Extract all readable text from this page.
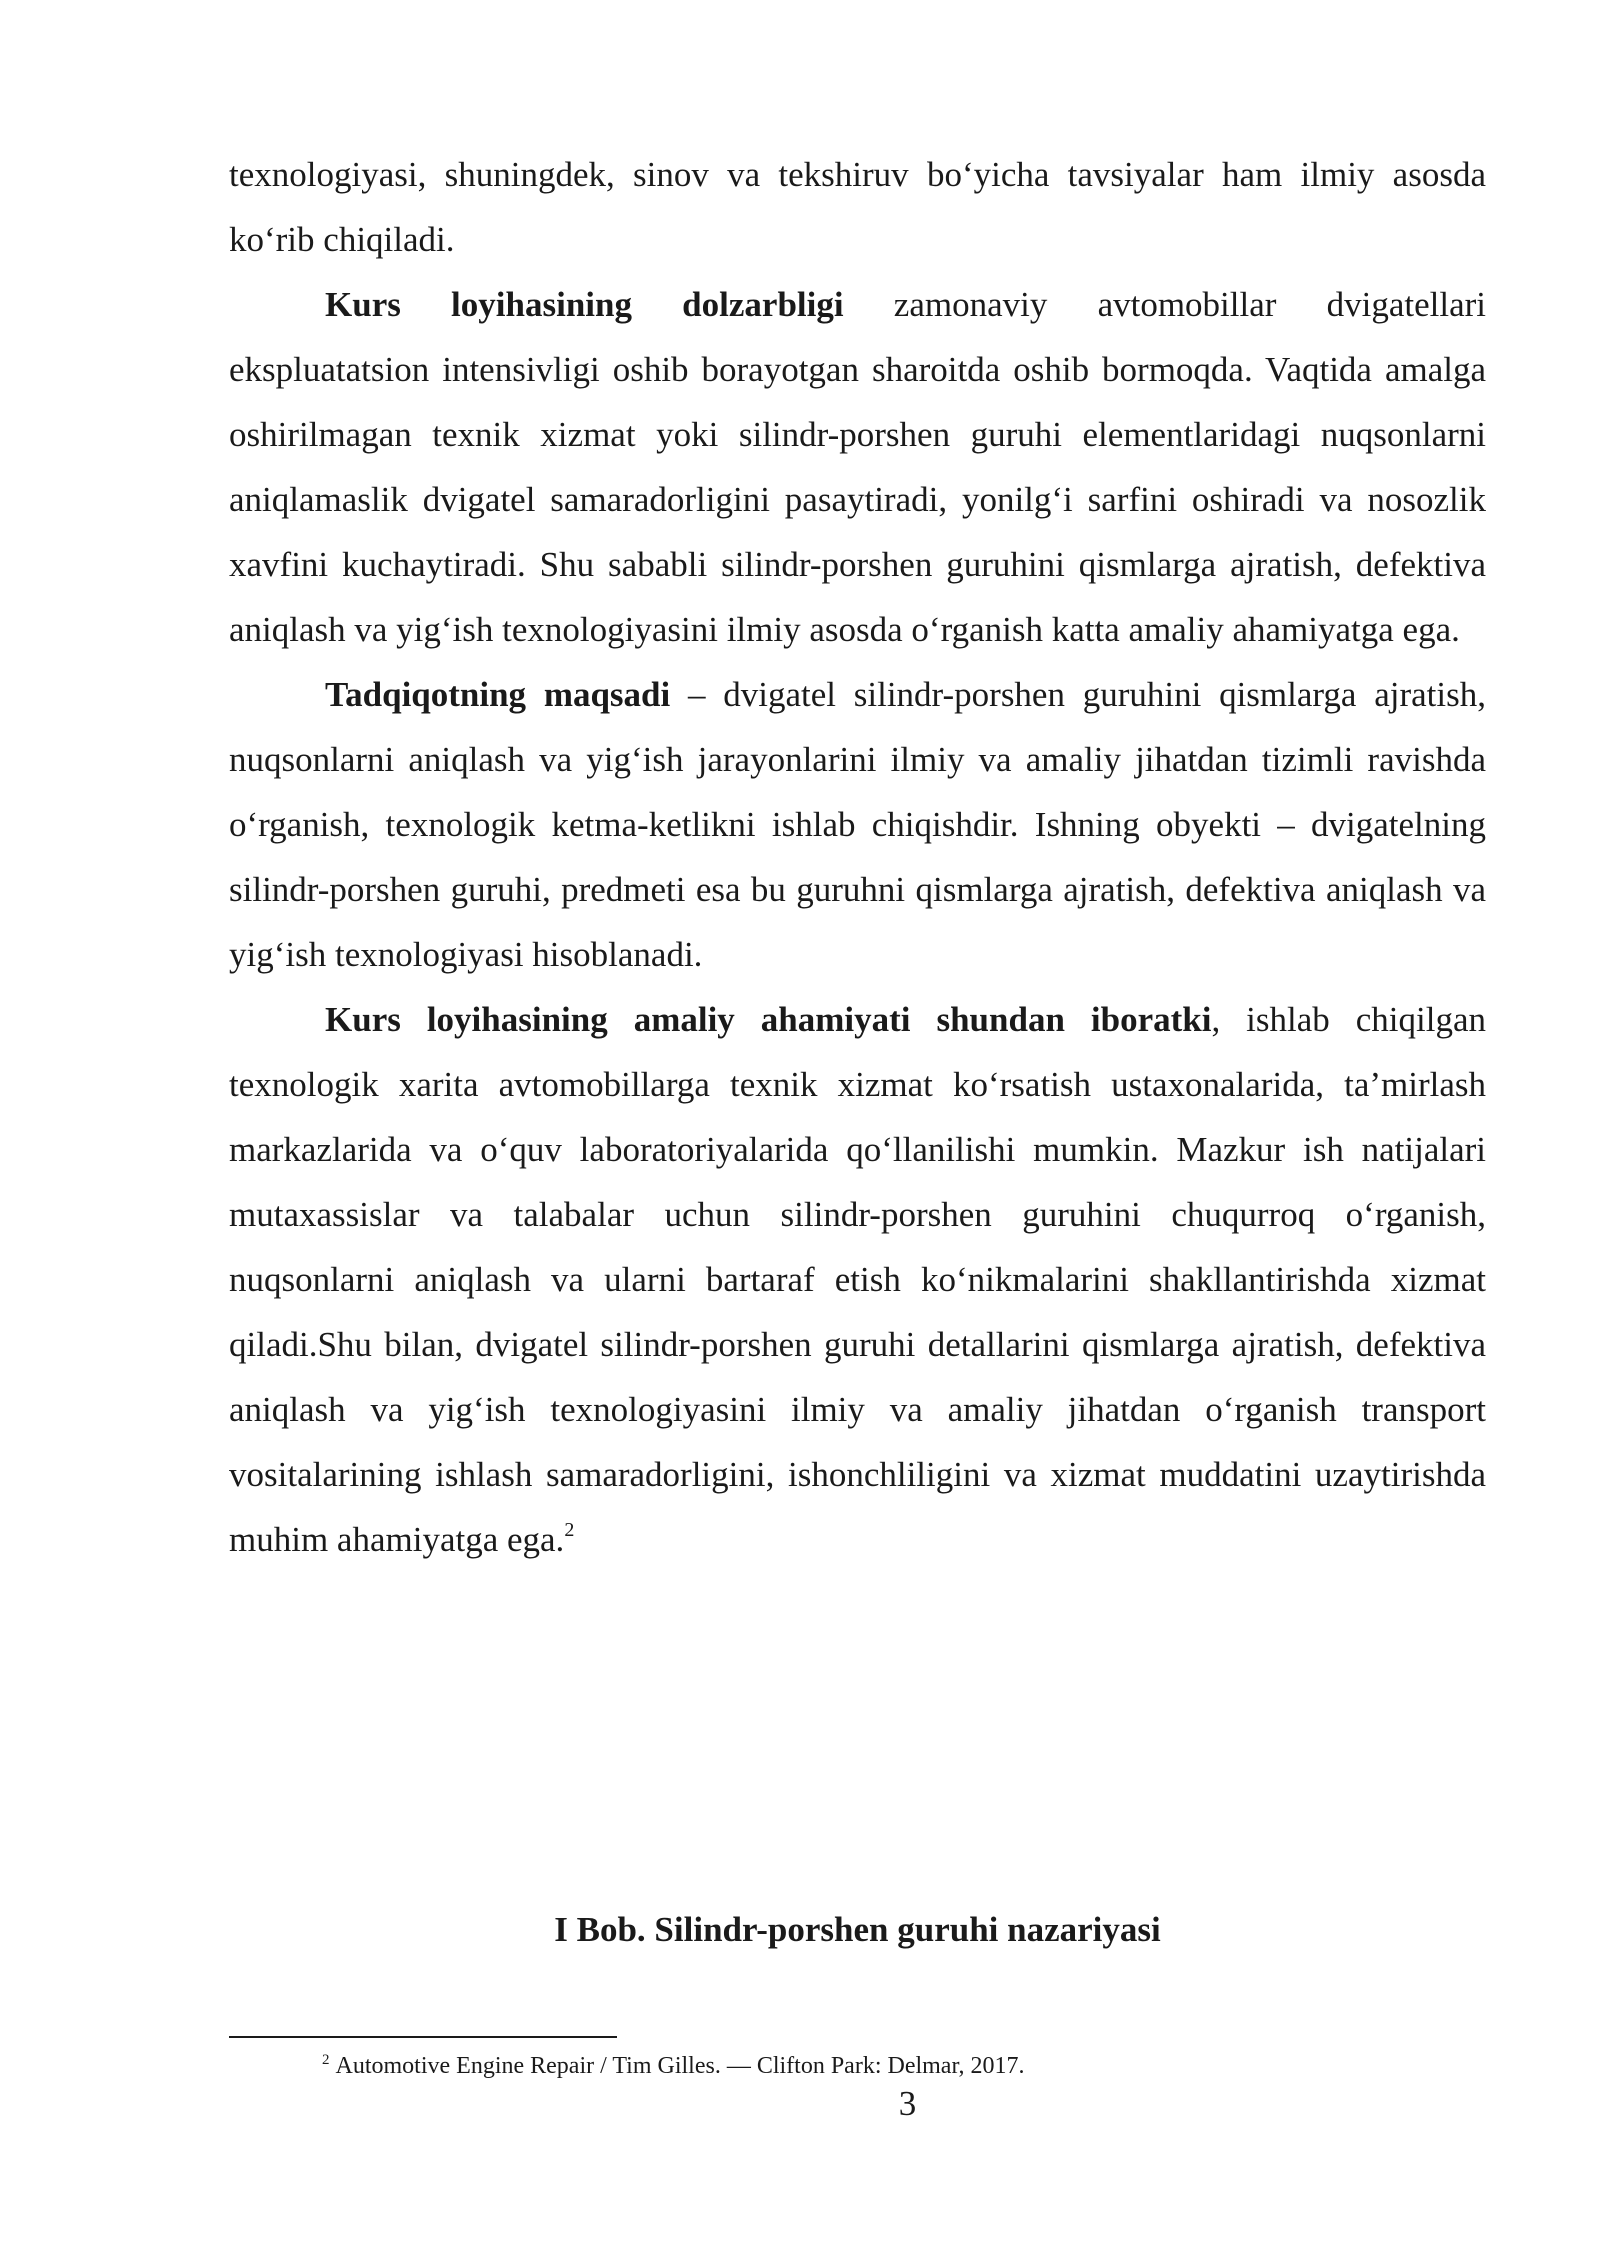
texnologiyasi, shuningdek, sinov va tekshiruv bo‘yicha tavsiyalar ham ilmiy asosda ko‘rib chiqiladi.

Kurs loyihasining dolzarbligi zamonaviy avtomobillar dvigatellari ekspluatatsion intensivligi oshib borayotgan sharoitda oshib bormoqda. Vaqtida amalga oshirilmagan texnik xizmat yoki silindr-porshen guruhi elementlaridagi nuqsonlarni aniqlamaslik dvigatel samaradorligini pasaytiradi, yonilg‘i sarfini oshiradi va nosozlik xavfini kuchaytiradi. Shu sababli silindr-porshen guruhini qismlarga ajratish, defektiva aniqlash va yig‘ish texnologiyasini ilmiy asosda o‘rganish katta amaliy ahamiyatga ega.

Tadqiqotning maqsadi – dvigatel silindr-porshen guruhini qismlarga ajratish, nuqsonlarni aniqlash va yig‘ish jarayonlarini ilmiy va amaliy jihatdan tizimli ravishda o‘rganish, texnologik ketma-ketlikni ishlab chiqishdir. Ishning obyekti – dvigatelning silindr-porshen guruhi, predmeti esa bu guruhni qismlarga ajratish, defektiva aniqlash va yig‘ish texnologiyasi hisoblanadi.

Kurs loyihasining amaliy ahamiyati shundan iboratki, ishlab chiqilgan texnologik xarita avtomobillarga texnik xizmat ko‘rsatish ustaxonalarida, ta’mirlash markazlarida va o‘quv laboratoriyalarida qo‘llanilishi mumkin. Mazkur ish natijalari mutaxassislar va talabalar uchun silindr-porshen guruhini chuqurroq o‘rganish, nuqsonlarni aniqlash va ularni bartaraf etish ko‘nikmalarini shakllantirishda xizmat qiladi.Shu bilan, dvigatel silindr-porshen guruhi detallarini qismlarga ajratish, defektiva aniqlash va yig‘ish texnologiyasini ilmiy va amaliy jihatdan o‘rganish transport vositalarining ishlash samaradorligini, ishonchliligini va xizmat muddatini uzaytirishda muhim ahamiyatga ega.$^2$

I Bob. Silindr-porshen guruhi nazariyasi

$^2$ Automotive Engine Repair / Tim Gilles. — Clifton Park: Delmar, 2017.

3
